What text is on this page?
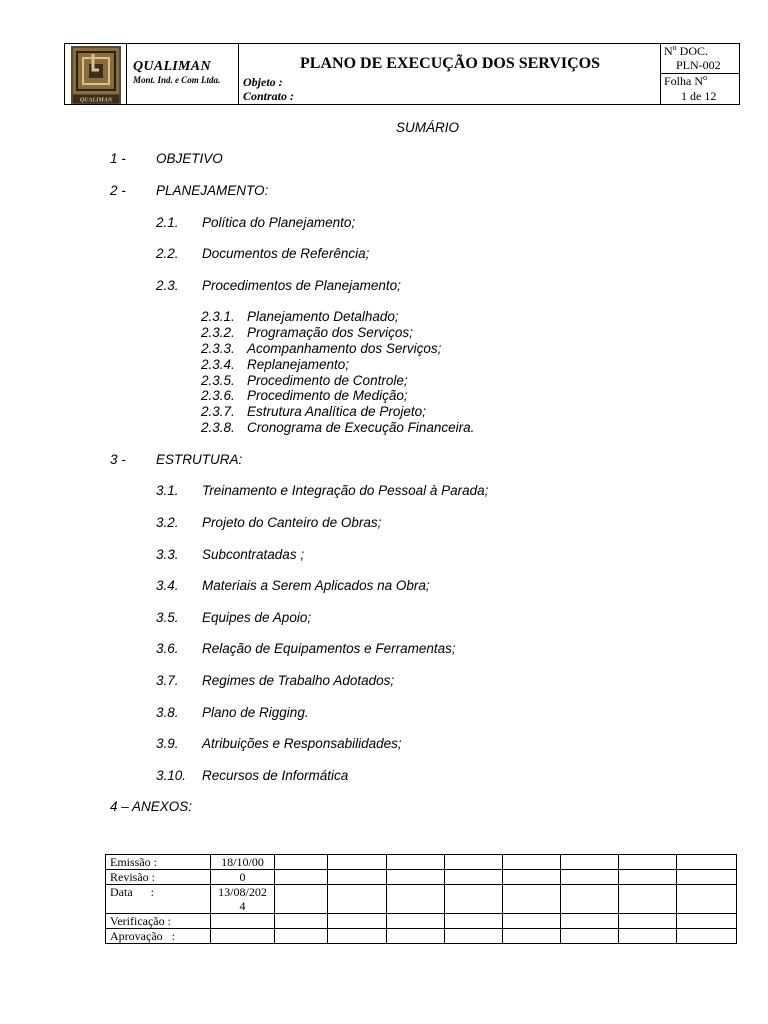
QUALIMAN
QUALIMAN
Mont. Ind. e Com Ltda.
PLANO DE EXECUÇÃO DOS SERVIÇOS
Objeto :
Contrato :
$N^o$ DOC.
PLN-002
Folha $N^o$
1 de 12
SUMÁRIO
1 - OBJETIVO
2 - PLANEJAMENTO:
2.1. Política do Planejamento;
2.2. Documentos de Referência;
2.3. Procedimentos de Planejamento;
2.3.1. Planejamento Detalhado;
2.3.2. Programação dos Serviços;
2.3.3. Acompanhamento dos Serviços;
2.3.4. Replanejamento;
2.3.5. Procedimento de Controle;
2.3.6. Procedimento de Medição;
2.3.7. Estrutura Analítica de Projeto;
2.3.8. Cronograma de Execução Financeira.
3 - ESTRUTURA:
3.1. Treinamento e Integração do Pessoal à Parada;
3.2. Projeto do Canteiro de Obras;
3.3. Subcontratadas ;
3.4. Materiais a Serem Aplicados na Obra;
3.5. Equipes de Apoio;
3.6. Relação de Equipamentos e Ferramentas;
3.7. Regimes de Trabalho Adotados;
3.8. Plano de Rigging.
3.9. Atribuições e Responsabilidades;
3.10. Recursos de Informática
4 – ANEXOS:
Emissão :	18/10/00								
Revisão :	0								
Data      :	13/08/202 4								
Verificação :									
Aprovação   :									
